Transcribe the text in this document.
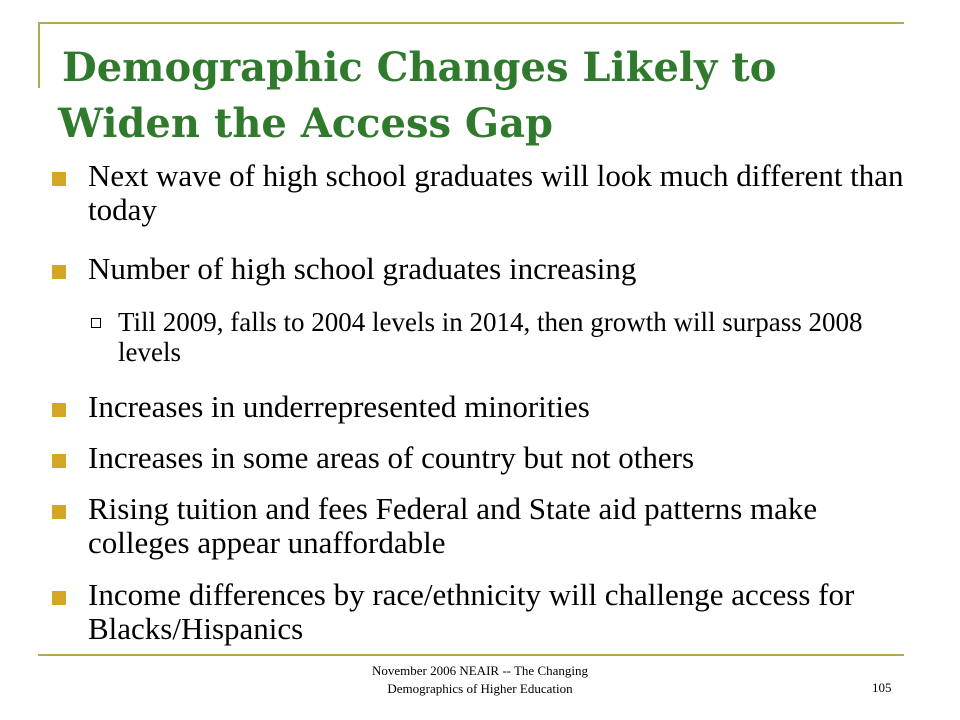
Demographic Changes Likely to
Widen the Access Gap
Next wave of high school graduates will look much different than today
Number of high school graduates increasing
Till 2009, falls to 2004 levels in 2014, then growth will surpass 2008 levels
Increases in underrepresented minorities
Increases in some areas of country but not others
Rising tuition and fees Federal and State aid patterns make colleges appear unaffordable
Income differences by race/ethnicity will challenge access for Blacks/Hispanics
November 2006 NEAIR -- The Changing
Demographics of Higher Education	105
